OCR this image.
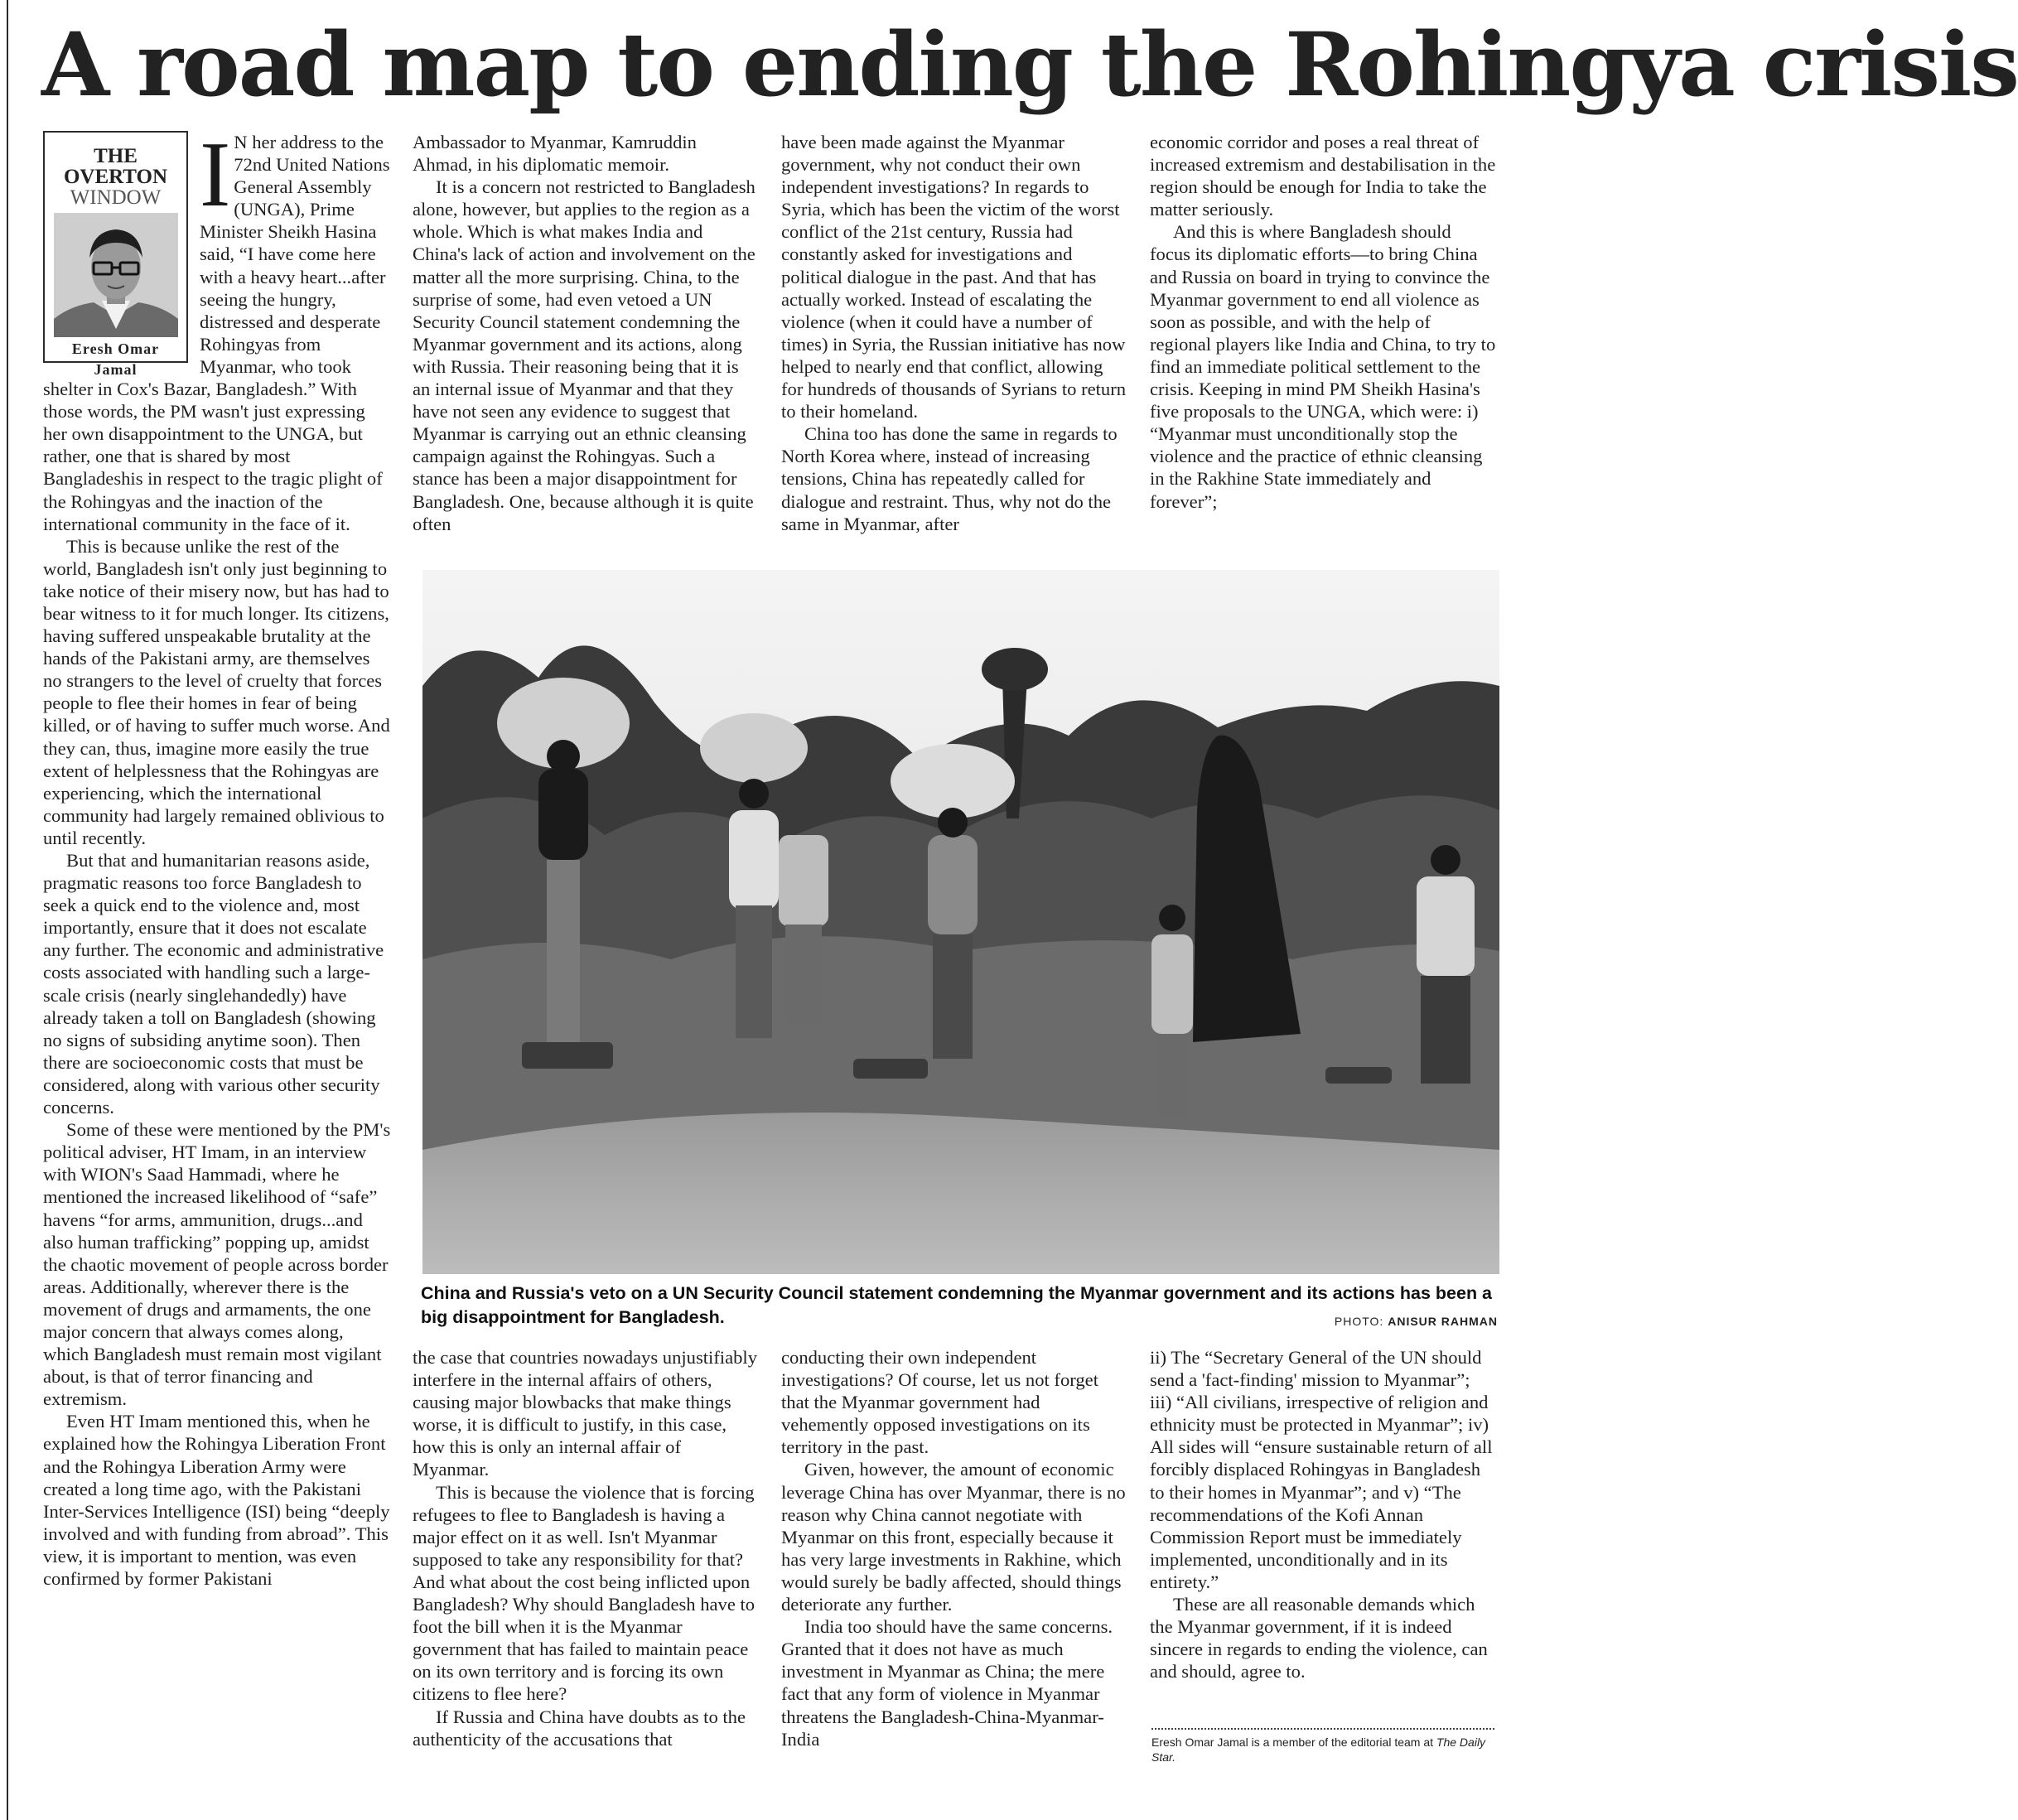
A road map to ending the Rohingya crisis
THE OVERTON
WINDOW
Eresh Omar
Jamal
I N her address to the 72nd United Nations General Assembly (UNGA), Prime Minister Sheikh Hasina said, “I have come here with a heavy heart...after seeing the hungry, distressed and desperate Rohingyas from Myanmar, who took shelter in Cox's Bazar, Bangladesh.” With those words, the PM wasn't just expressing her own disappointment to the UNGA, but rather, one that is shared by most Bangladeshis in respect to the tragic plight of the Rohingyas and the inaction of the international community in the face of it.

This is because unlike the rest of the world, Bangladesh isn't only just beginning to take notice of their misery now, but has had to bear witness to it for much longer. Its citizens, having suffered unspeakable brutality at the hands of the Pakistani army, are themselves no strangers to the level of cruelty that forces people to flee their homes in fear of being killed, or of having to suffer much worse. And they can, thus, imagine more easily the true extent of helplessness that the Rohingyas are experiencing, which the international community had largely remained oblivious to until recently.

But that and humanitarian reasons aside, pragmatic reasons too force Bangladesh to seek a quick end to the violence and, most importantly, ensure that it does not escalate any further. The economic and administrative costs associated with handling such a large-scale crisis (nearly singlehandedly) have already taken a toll on Bangladesh (showing no signs of subsiding anytime soon). Then there are socioeconomic costs that must be considered, along with various other security concerns.

Some of these were mentioned by the PM's political adviser, HT Imam, in an interview with WION's Saad Hammadi, where he mentioned the increased likelihood of “safe” havens “for arms, ammunition, drugs...and also human trafficking” popping up, amidst the chaotic movement of people across border areas. Additionally, wherever there is the movement of drugs and armaments, the one major concern that always comes along, which Bangladesh must remain most vigilant about, is that of terror financing and extremism.

Even HT Imam mentioned this, when he explained how the Rohingya Liberation Front and the Rohingya Liberation Army were created a long time ago, with the Pakistani Inter-Services Intelligence (ISI) being “deeply involved and with funding from abroad”. This view, it is important to mention, was even confirmed by former Pakistani

Ambassador to Myanmar, Kamruddin Ahmad, in his diplomatic memoir.

It is a concern not restricted to Bangladesh alone, however, but applies to the region as a whole. Which is what makes India and China's lack of action and involvement on the matter all the more surprising. China, to the surprise of some, had even vetoed a UN Security Council statement condemning the Myanmar government and its actions, along with Russia. Their reasoning being that it is an internal issue of Myanmar and that they have not seen any evidence to suggest that Myanmar is carrying out an ethnic cleansing campaign against the Rohingyas. Such a stance has been a major disappointment for Bangladesh. One, because although it is quite often

have been made against the Myanmar government, why not conduct their own independent investigations? In regards to Syria, which has been the victim of the worst conflict of the 21st century, Russia had constantly asked for investigations and political dialogue in the past. And that has actually worked. Instead of escalating the violence (when it could have a number of times) in Syria, the Russian initiative has now helped to nearly end that conflict, allowing for hundreds of thousands of Syrians to return to their homeland.

China too has done the same in regards to North Korea where, instead of increasing tensions, China has repeatedly called for dialogue and restraint. Thus, why not do the same in Myanmar, after

economic corridor and poses a real threat of increased extremism and destabilisation in the region should be enough for India to take the matter seriously.

And this is where Bangladesh should focus its diplomatic efforts—to bring China and Russia on board in trying to convince the Myanmar government to end all violence as soon as possible, and with the help of regional players like India and China, to try to find an immediate political settlement to the crisis. Keeping in mind PM Sheikh Hasina's five proposals to the UNGA, which were: i) “Myanmar must unconditionally stop the violence and the practice of ethnic cleansing in the Rakhine State immediately and forever”;

China and Russia's veto on a UN Security Council statement condemning the Myanmar government and its actions has been a big disappointment for Bangladesh.	PHOTO: ANISUR RAHMAN

the case that countries nowadays unjustifiably interfere in the internal affairs of others, causing major blowbacks that make things worse, it is difficult to justify, in this case, how this is only an internal affair of Myanmar.

This is because the violence that is forcing refugees to flee to Bangladesh is having a major effect on it as well. Isn't Myanmar supposed to take any responsibility for that? And what about the cost being inflicted upon Bangladesh? Why should Bangladesh have to foot the bill when it is the Myanmar government that has failed to maintain peace on its own territory and is forcing its own citizens to flee here?

If Russia and China have doubts as to the authenticity of the accusations that

conducting their own independent investigations? Of course, let us not forget that the Myanmar government had vehemently opposed investigations on its territory in the past.

Given, however, the amount of economic leverage China has over Myanmar, there is no reason why China cannot negotiate with Myanmar on this front, especially because it has very large investments in Rakhine, which would surely be badly affected, should things deteriorate any further.

India too should have the same concerns. Granted that it does not have as much investment in Myanmar as China; the mere fact that any form of violence in Myanmar threatens the Bangladesh-China-Myanmar-India

ii) The “Secretary General of the UN should send a 'fact-finding' mission to Myanmar”; iii) “All civilians, irrespective of religion and ethnicity must be protected in Myanmar”; iv) All sides will “ensure sustainable return of all forcibly displaced Rohingyas in Bangladesh to their homes in Myanmar”; and v) “The recommendations of the Kofi Annan Commission Report must be immediately implemented, unconditionally and in its entirety.”

These are all reasonable demands which the Myanmar government, if it is indeed sincere in regards to ending the violence, can and should, agree to.

Eresh Omar Jamal is a member of the editorial team at The Daily Star.
